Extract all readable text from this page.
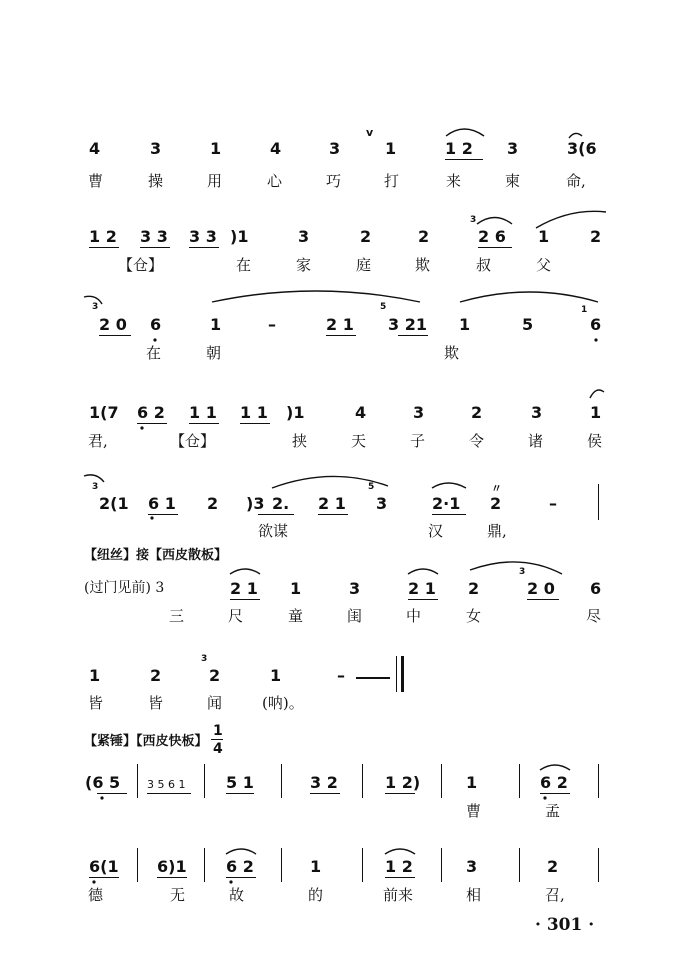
4	3	1	4	3
v
1	1 2 3	3(6
曹	操	用	心	巧	打	来	柬	命,
1 2 3 3 3 3 )1	3	2	2
3
2 6 1	2
【仓】	在	家	庭	欺	叔	父
3
2 0 6	1	–	2 1
5
3 21 1	5
1
6
在	朝	欺
1(7 6 2 1 1 1 1 )1	4	3	2	3	1
君,	【仓】	挟	天	子	令	诸	侯
3
2(1 6 1 2 )3 2. 2 1
5
3	2·1
〃
2	–
欲谋	汉	鼎,
【纽丝】接【西皮散板】
(过门见前) 3	2 1 1	3	2 1 2
3
2 0 6
三	尺	童	闺	中	女	尽
1	2
3
2	1	–
皆	皆	闻	(呐)。
【紧锤】【西皮快板】
1
4
(6 5 3 5 6 1	5 1	3 2	1 2)	1	6 2
曹	孟
6(1 6)1 6 2	1	1 2	3	2
德	无	故	的	前来	相	召,
· 301 ·
